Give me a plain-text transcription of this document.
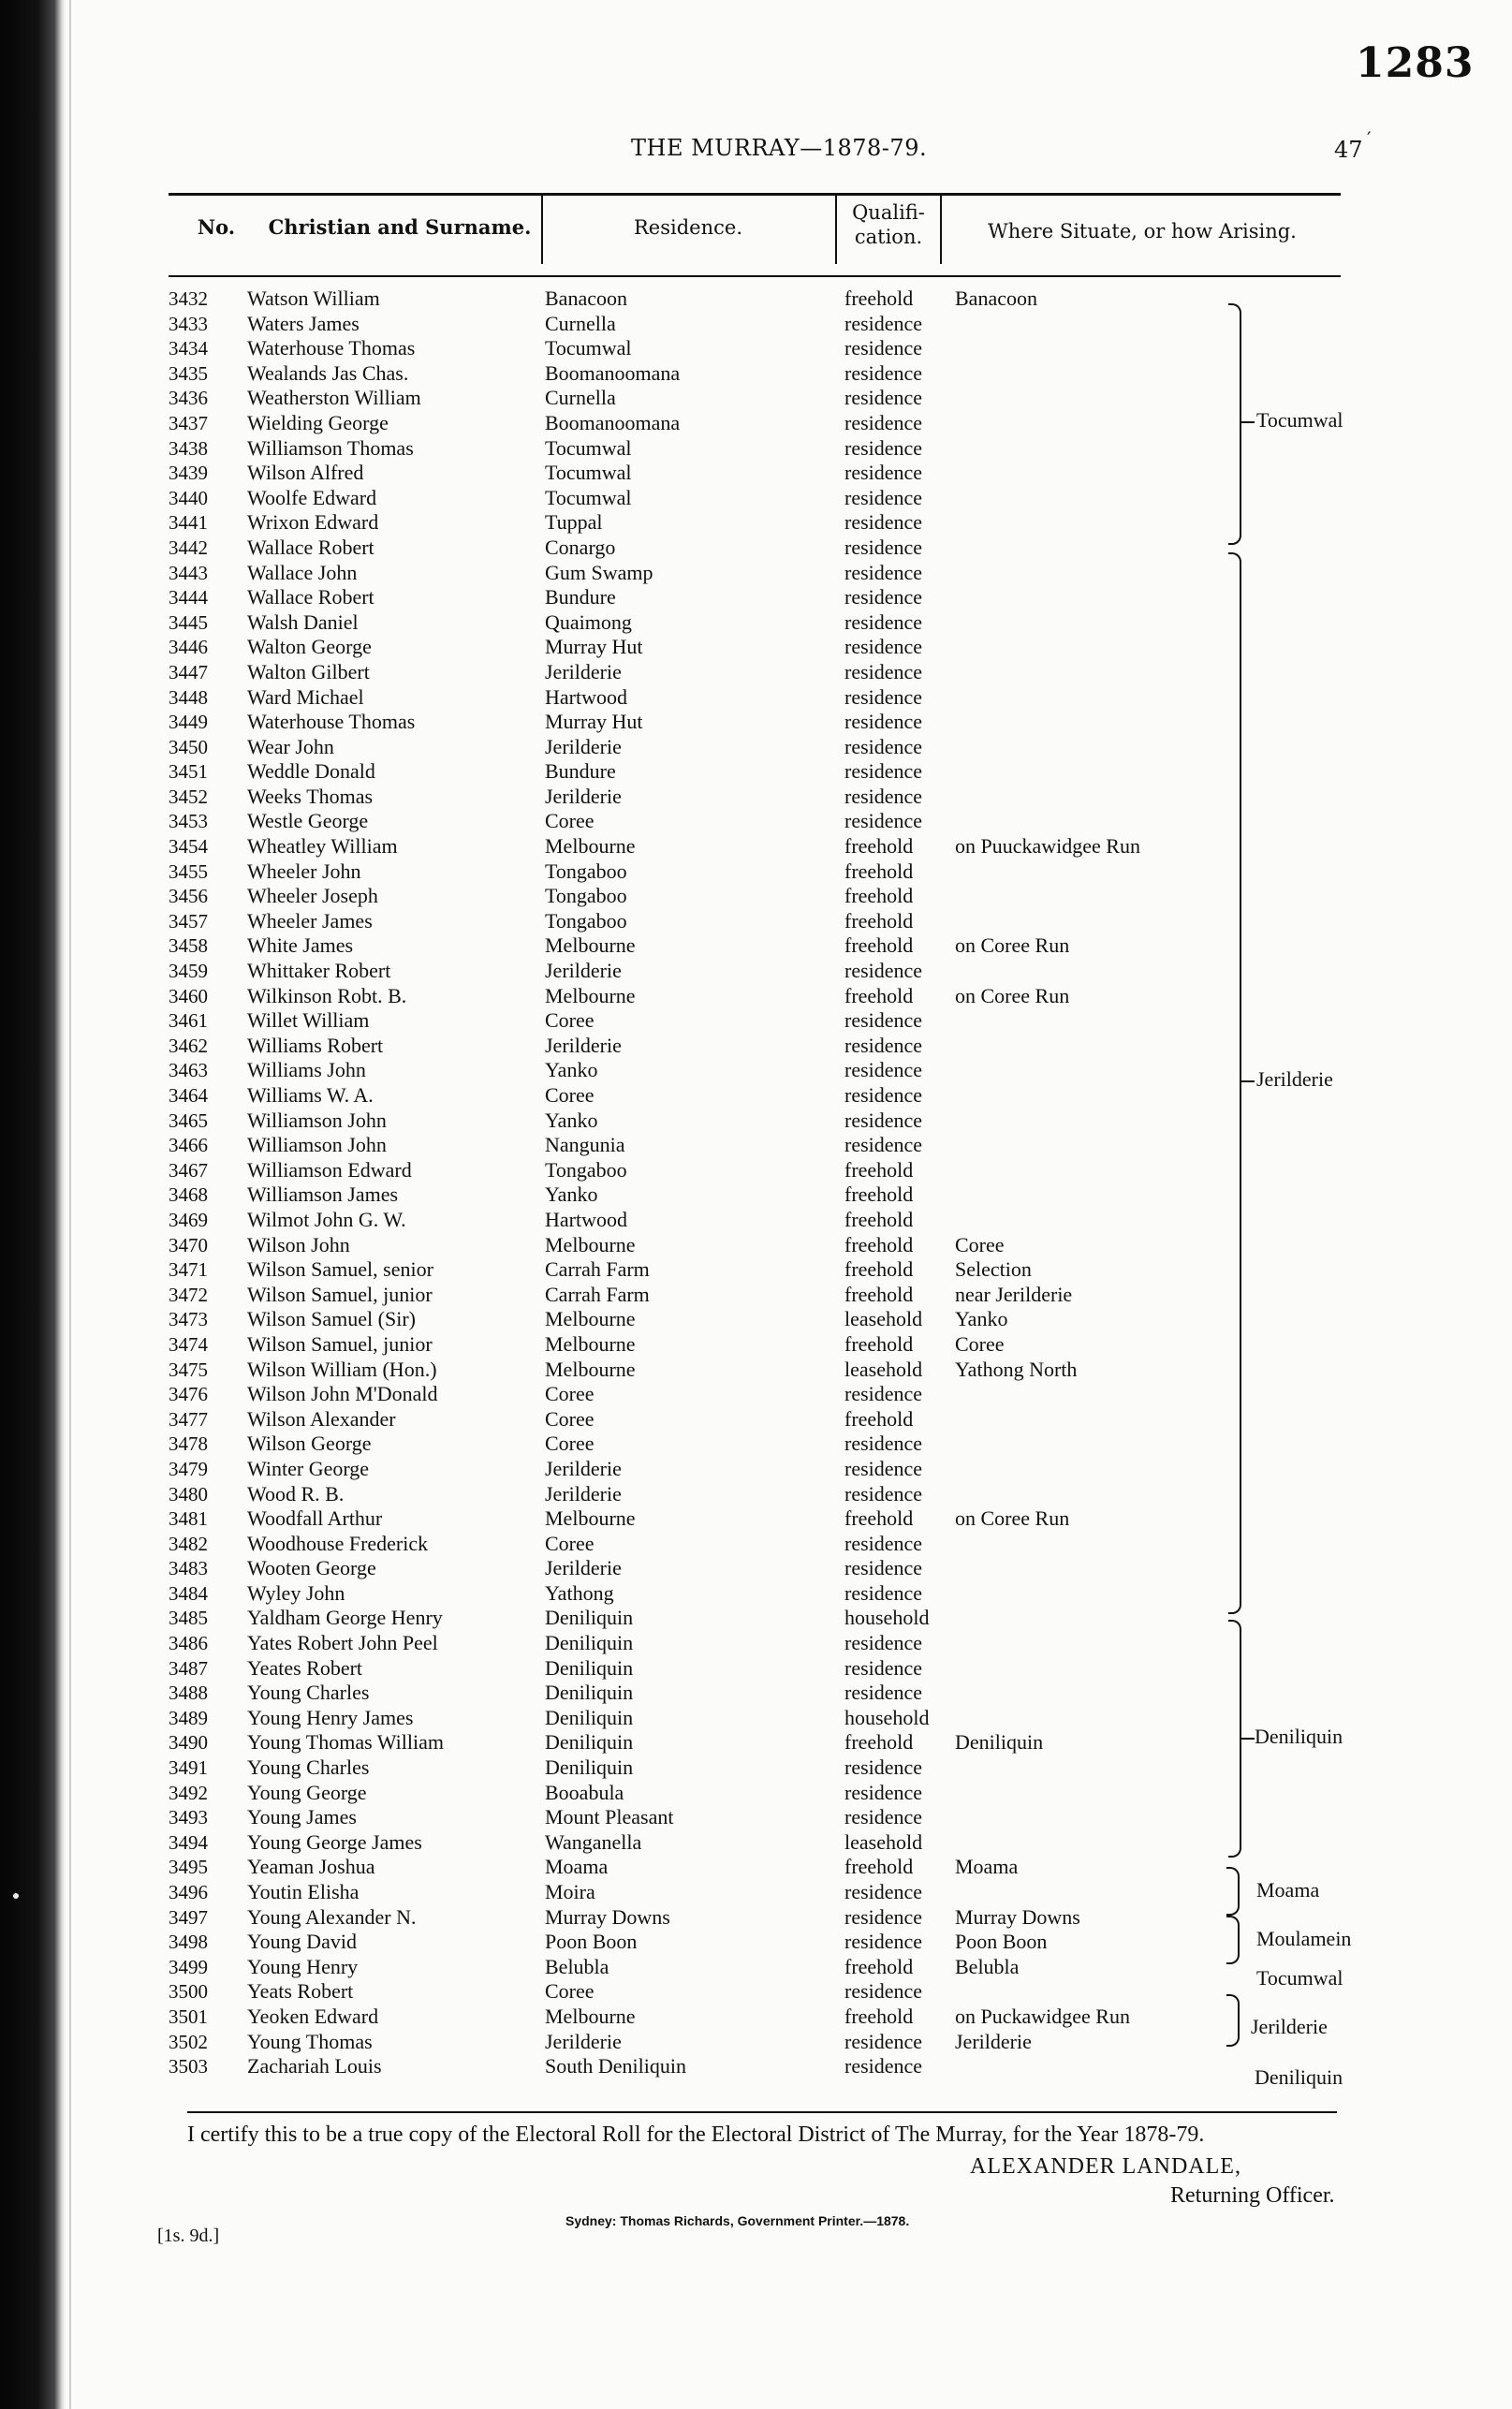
1283
THE MURRAY—1878-79.	47 ′
No.	Christian and Surname.	Residence.
Qualifi-
cation.	Where Situate, or how Arising.
3432	Watson William	Banacoon	freehold	Banacoon
3433	Waters James	Curnella	residence	
3434	Waterhouse Thomas	Tocumwal	residence	
3435	Wealands Jas Chas.	Boomanoomana	residence	
3436	Weatherston William	Curnella	residence	
3437	Wielding George	Boomanoomana	residence	
3438	Williamson Thomas	Tocumwal	residence	
3439	Wilson Alfred	Tocumwal	residence	
3440	Woolfe Edward	Tocumwal	residence	
3441	Wrixon Edward	Tuppal	residence	
3442	Wallace Robert	Conargo	residence	
3443	Wallace John	Gum Swamp	residence	
3444	Wallace Robert	Bundure	residence	
3445	Walsh Daniel	Quaimong	residence	
3446	Walton George	Murray Hut	residence	
3447	Walton Gilbert	Jerilderie	residence	
3448	Ward Michael	Hartwood	residence	
3449	Waterhouse Thomas	Murray Hut	residence	
3450	Wear John	Jerilderie	residence	
3451	Weddle Donald	Bundure	residence	
3452	Weeks Thomas	Jerilderie	residence	
3453	Westle George	Coree	residence	
3454	Wheatley William	Melbourne	freehold	on Puuckawidgee Run
3455	Wheeler John	Tongaboo	freehold	
3456	Wheeler Joseph	Tongaboo	freehold	
3457	Wheeler James	Tongaboo	freehold	
3458	White James	Melbourne	freehold	on Coree Run
3459	Whittaker Robert	Jerilderie	residence	
3460	Wilkinson Robt. B.	Melbourne	freehold	on Coree Run
3461	Willet William	Coree	residence	
3462	Williams Robert	Jerilderie	residence	
3463	Williams John	Yanko	residence	
3464	Williams W. A.	Coree	residence	
3465	Williamson John	Yanko	residence	
3466	Williamson John	Nangunia	residence	
3467	Williamson Edward	Tongaboo	freehold	
3468	Williamson James	Yanko	freehold	
3469	Wilmot John G. W.	Hartwood	freehold	
3470	Wilson John	Melbourne	freehold	Coree
3471	Wilson Samuel, senior	Carrah Farm	freehold	Selection
3472	Wilson Samuel, junior	Carrah Farm	freehold	near Jerilderie
3473	Wilson Samuel (Sir)	Melbourne	leasehold	Yanko
3474	Wilson Samuel, junior	Melbourne	freehold	Coree
3475	Wilson William (Hon.)	Melbourne	leasehold	Yathong North
3476	Wilson John M'Donald	Coree	residence	
3477	Wilson Alexander	Coree	freehold	
3478	Wilson George	Coree	residence	
3479	Winter George	Jerilderie	residence	
3480	Wood R. B.	Jerilderie	residence	
3481	Woodfall Arthur	Melbourne	freehold	on Coree Run
3482	Woodhouse Frederick	Coree	residence	
3483	Wooten George	Jerilderie	residence	
3484	Wyley John	Yathong	residence	
3485	Yaldham George Henry	Deniliquin	household	
3486	Yates Robert John Peel	Deniliquin	residence	
3487	Yeates Robert	Deniliquin	residence	
3488	Young Charles	Deniliquin	residence	
3489	Young Henry James	Deniliquin	household	
3490	Young Thomas William	Deniliquin	freehold	Deniliquin
3491	Young Charles	Deniliquin	residence	
3492	Young George	Booabula	residence	
3493	Young James	Mount Pleasant	residence	
3494	Young George James	Wanganella	leasehold	
3495	Yeaman Joshua	Moama	freehold	Moama
3496	Youtin Elisha	Moira	residence	
3497	Young Alexander N.	Murray Downs	residence	Murray Downs
3498	Young David	Poon Boon	residence	Poon Boon
3499	Young Henry	Belubla	freehold	Belubla
3500	Yeats Robert	Coree	residence	
3501	Yeoken Edward	Melbourne	freehold	on Puckawidgee Run
3502	Young Thomas	Jerilderie	residence	Jerilderie
3503	Zachariah Louis	South Deniliquin	residence	
Tocumwal
Jerilderie
Deniliquin
Moama
Moulamein
Tocumwal
Jerilderie
Deniliquin
I certify this to be a true copy of the Electoral Roll for the Electoral District of The Murray, for the Year 1878-79.
ALEXANDER LANDALE,
Returning Officer.
[1s. 9d.]
Sydney: Thomas Richards, Government Printer.—1878.
